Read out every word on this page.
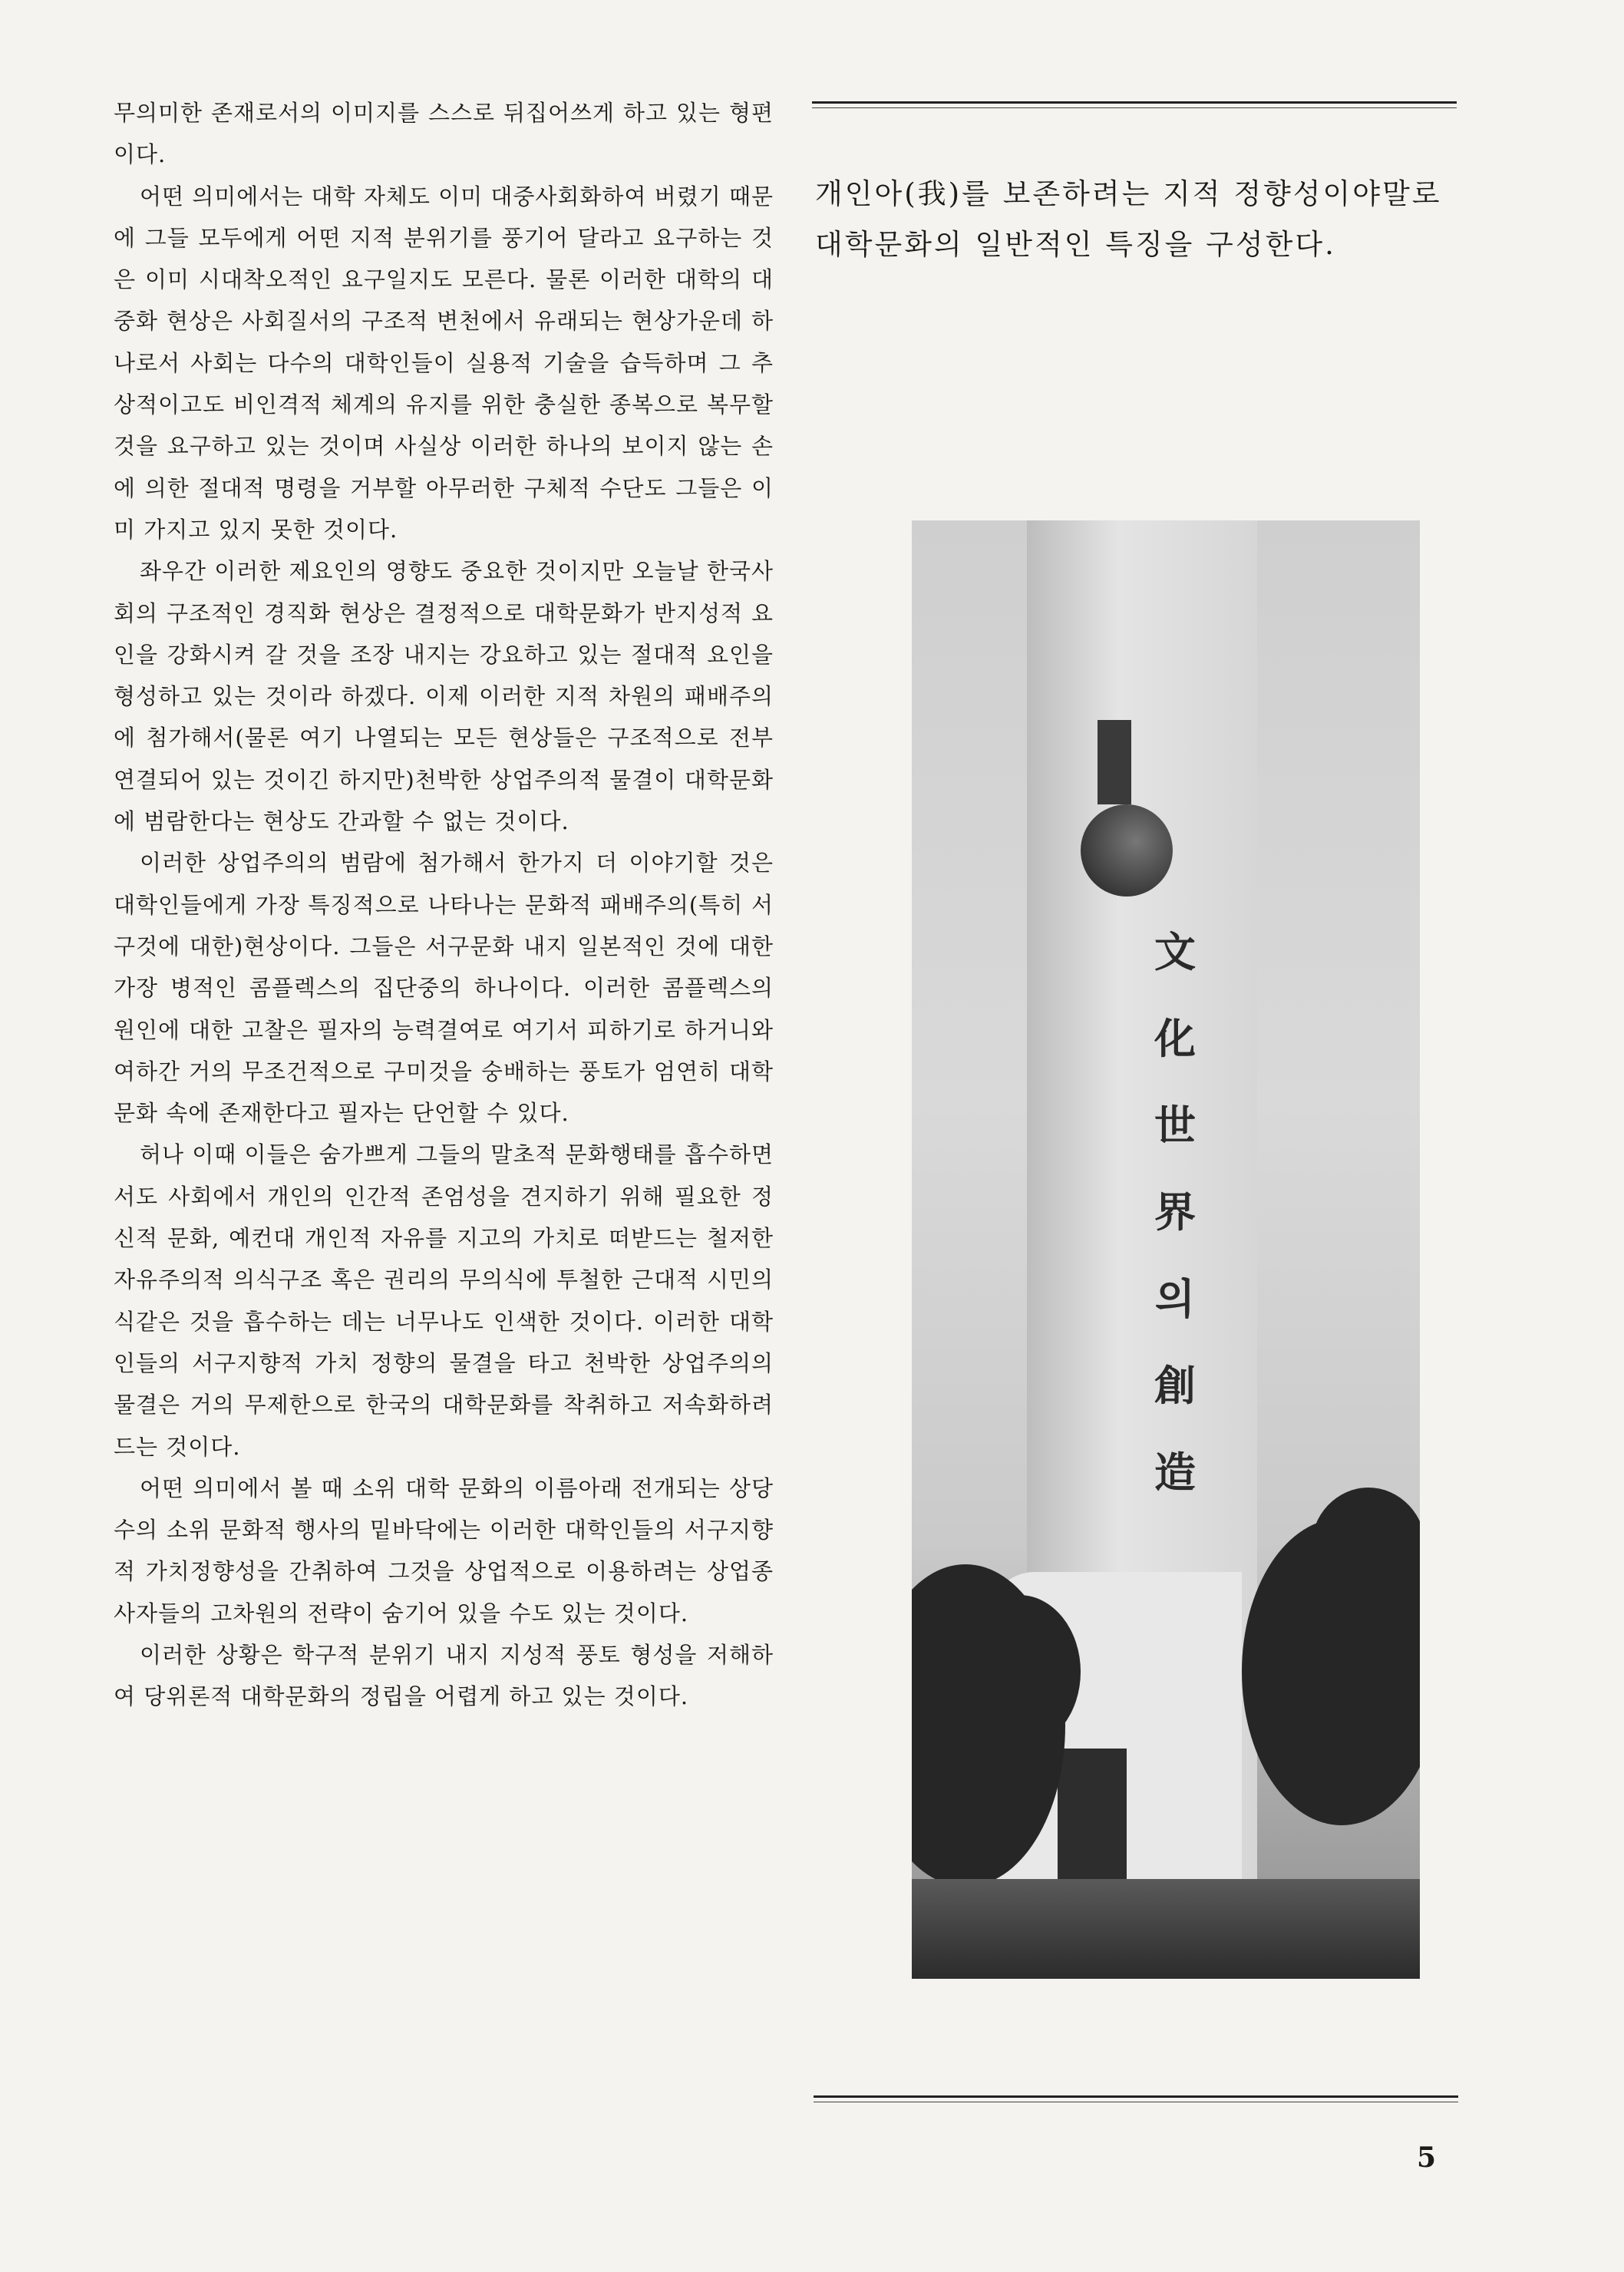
무의미한 존재로서의 이미지를 스스로 뒤집어쓰게 하고 있는 형편이다.

어떤 의미에서는 대학 자체도 이미 대중사회화하여 버렸기 때문에 그들 모두에게 어떤 지적 분위기를 풍기어 달라고 요구하는 것은 이미 시대착오적인 요구일지도 모른다. 물론 이러한 대학의 대중화 현상은 사회질서의 구조적 변천에서 유래되는 현상가운데 하나로서 사회는 다수의 대학인들이 실용적 기술을 습득하며 그 추상적이고도 비인격적 체계의 유지를 위한 충실한 종복으로 복무할 것을 요구하고 있는 것이며 사실상 이러한 하나의 보이지 않는 손에 의한 절대적 명령을 거부할 아무러한 구체적 수단도 그들은 이미 가지고 있지 못한 것이다.

좌우간 이러한 제요인의 영향도 중요한 것이지만 오늘날 한국사회의 구조적인 경직화 현상은 결정적으로 대학문화가 반지성적 요인을 강화시켜 갈 것을 조장 내지는 강요하고 있는 절대적 요인을 형성하고 있는 것이라 하겠다. 이제 이러한 지적 차원의 패배주의에 첨가해서(물론 여기 나열되는 모든 현상들은 구조적으로 전부 연결되어 있는 것이긴 하지만)천박한 상업주의적 물결이 대학문화에 범람한다는 현상도 간과할 수 없는 것이다.

이러한 상업주의의 범람에 첨가해서 한가지 더 이야기할 것은 대학인들에게 가장 특징적으로 나타나는 문화적 패배주의(특히 서구것에 대한)현상이다. 그들은 서구문화 내지 일본적인 것에 대한 가장 병적인 콤플렉스의 집단중의 하나이다. 이러한 콤플렉스의 원인에 대한 고찰은 필자의 능력결여로 여기서 피하기로 하거니와 여하간 거의 무조건적으로 구미것을 숭배하는 풍토가 엄연히 대학문화 속에 존재한다고 필자는 단언할 수 있다.

허나 이때 이들은 숨가쁘게 그들의 말초적 문화행태를 흡수하면서도 사회에서 개인의 인간적 존엄성을 견지하기 위해 필요한 정신적 문화, 예컨대 개인적 자유를 지고의 가치로 떠받드는 철저한 자유주의적 의식구조 혹은 권리의 무의식에 투철한 근대적 시민의식같은 것을 흡수하는 데는 너무나도 인색한 것이다. 이러한 대학인들의 서구지향적 가치 정향의 물결을 타고 천박한 상업주의의 물결은 거의 무제한으로 한국의 대학문화를 착취하고 저속화하려드는 것이다.

어떤 의미에서 볼 때 소위 대학 문화의 이름아래 전개되는 상당수의 소위 문화적 행사의 밑바닥에는 이러한 대학인들의 서구지향적 가치정향성을 간취하여 그것을 상업적으로 이용하려는 상업종사자들의 고차원의 전략이 숨기어 있을 수도 있는 것이다.

이러한 상황은 학구적 분위기 내지 지성적 풍토 형성을 저해하여 당위론적 대학문화의 정립을 어렵게 하고 있는 것이다.

개인아(我)를 보존하려는 지적 정향성이야말로 대학문화의 일반적인 특징을 구성한다.
文
化
世
界
의
創
造
5
